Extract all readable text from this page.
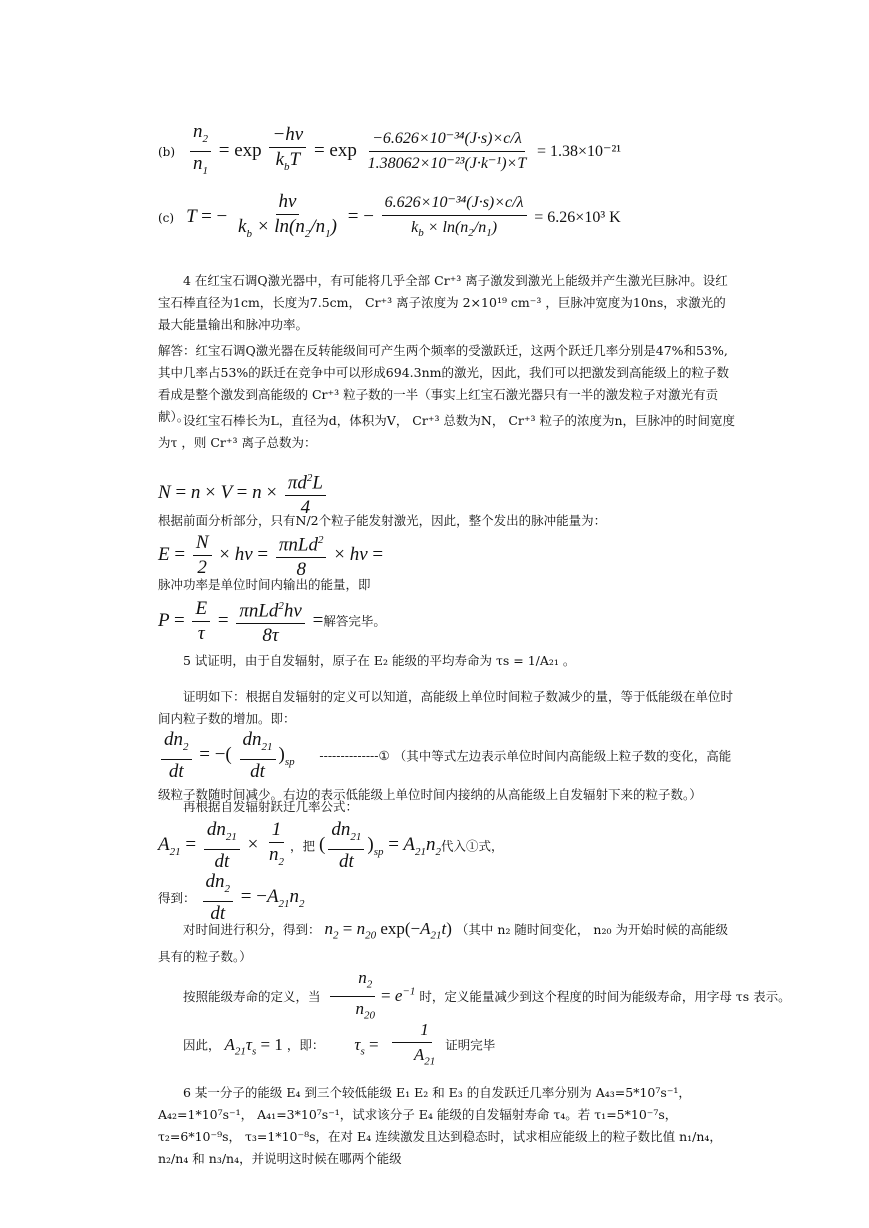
$(b) \frac{n_2}{n_1} = \exp \frac{-h\nu}{k_bT} = \exp \frac{\text{−6.626×10⁻³⁴(J·s)×c/λ}}{\text{1.38062×10⁻²³(J·k⁻¹)×T}} = 1.38\times 10^{-21}$
(c) T = − $\frac{h\nu}{k_b \times \ln(n_2/n_1)}$ = − $\frac{\text{6.626×10⁻³⁴(J·s)×c/λ}}{k_b \times \ln(n_2/n_1)} = 6.26\times 10^3$ K
4 在红宝石调Q激光器中，有可能将几乎全部 Cr⁺³ 离子激发到激光上能级并产生激光巨脉冲。设红宝石棒直径为1cm，长度为7.5cm， Cr⁺³ 离子浓度为 2×10¹⁹ cm⁻³ ，巨脉冲宽度为10ns，求激光的最大能量输出和脉冲功率。
解答：红宝石调Q激光器在反转能级间可产生两个频率的受激跃迁，这两个跃迁几率分别是47%和53%,其中几率占53%的跃迁在竞争中可以形成694.3nm的激光，因此，我们可以把激发到高能级上的粒子数看成是整个激发到高能级的 Cr⁺³ 粒子数的一半（事实上红宝石激光器只有一半的激发粒子对激光有贡献）。
设红宝石棒长为L，直径为d，体积为V， Cr⁺³ 总数为N， Cr⁺³ 粒子的浓度为n，巨脉冲的时间宽度为τ ，则 Cr⁺³ 离子总数为：
$N = n \times V = n \times \frac{\pi d^2L}{4}$
根据前面分析部分，只有N/2个粒子能发射激光，因此，整个发出的脉冲能量为：
$E = \frac{N}{2} \times h\nu = \frac{\pi nLd^2}{8} \times h\nu$ =
脉冲功率是单位时间内输出的能量，即
$P = \frac{E}{\tau} = \frac{\pi nLd^2h\nu}{8\tau}$ =解答完毕。
5 试证明，由于自发辐射，原子在 E₂ 能级的平均寿命为 τs = 1/A₂₁ 。
证明如下：根据自发辐射的定义可以知道，高能级上单位时间粒子数减少的量，等于低能级在单位时间内粒子数的增加。即：
$\frac{dn_2}{dt}$ = −( $\frac{dn_{21}}{dt} )_{sp}$ --------------① （其中等式左边表示单位时间内高能级上粒子数的变化，高能级粒子数随时间减少。右边的表示低能级上单位时间内接纳的从高能级上自发辐射下来的粒子数。）
再根据自发辐射跃迁几率公式：
$A_{21} = \frac{dn_{21}}{dt} \times \frac{1}{n_2}$ ，把 ( $\frac{dn_{21}}{dt} )_{sp} = A_{21}n_2$代入①式，
得到： $\frac{dn_2}{dt} = -A_{21}n_2$
对时间进行积分，得到： $n_2 = n_{20}$ $\exp(-A_{21}t)$ （其中 n₂ 随时间变化， n₂₀ 为开始时候的高能级具有的粒子数。）
按照能级寿命的定义，当 $\frac{n_2}{n_{20}} = e^{-1}$ 时，定义能量减少到这个程度的时间为能级寿命，用字母 τs 表示。
因此， $A_{21}\tau_s = 1$ ，即： $\tau_s = \frac{1}{A_{21}}$ 证明完毕
6 某一分子的能级 E₄ 到三个较低能级 E₁ E₂ 和 E₃ 的自发跃迁几率分别为 A₄₃=5*10⁷s⁻¹， A₄₂=1*10⁷s⁻¹， A₄₁=3*10⁷s⁻¹，试求该分子 E₄ 能级的自发辐射寿命 τ₄。若 τ₁=5*10⁻⁷s， τ₂=6*10⁻⁹s， τ₃=1*10⁻⁸s，在对 E₄ 连续激发且达到稳态时，试求相应能级上的粒子数比值 n₁/n₄， n₂/n₄ 和 n₃/n₄，并说明这时候在哪两个能级
